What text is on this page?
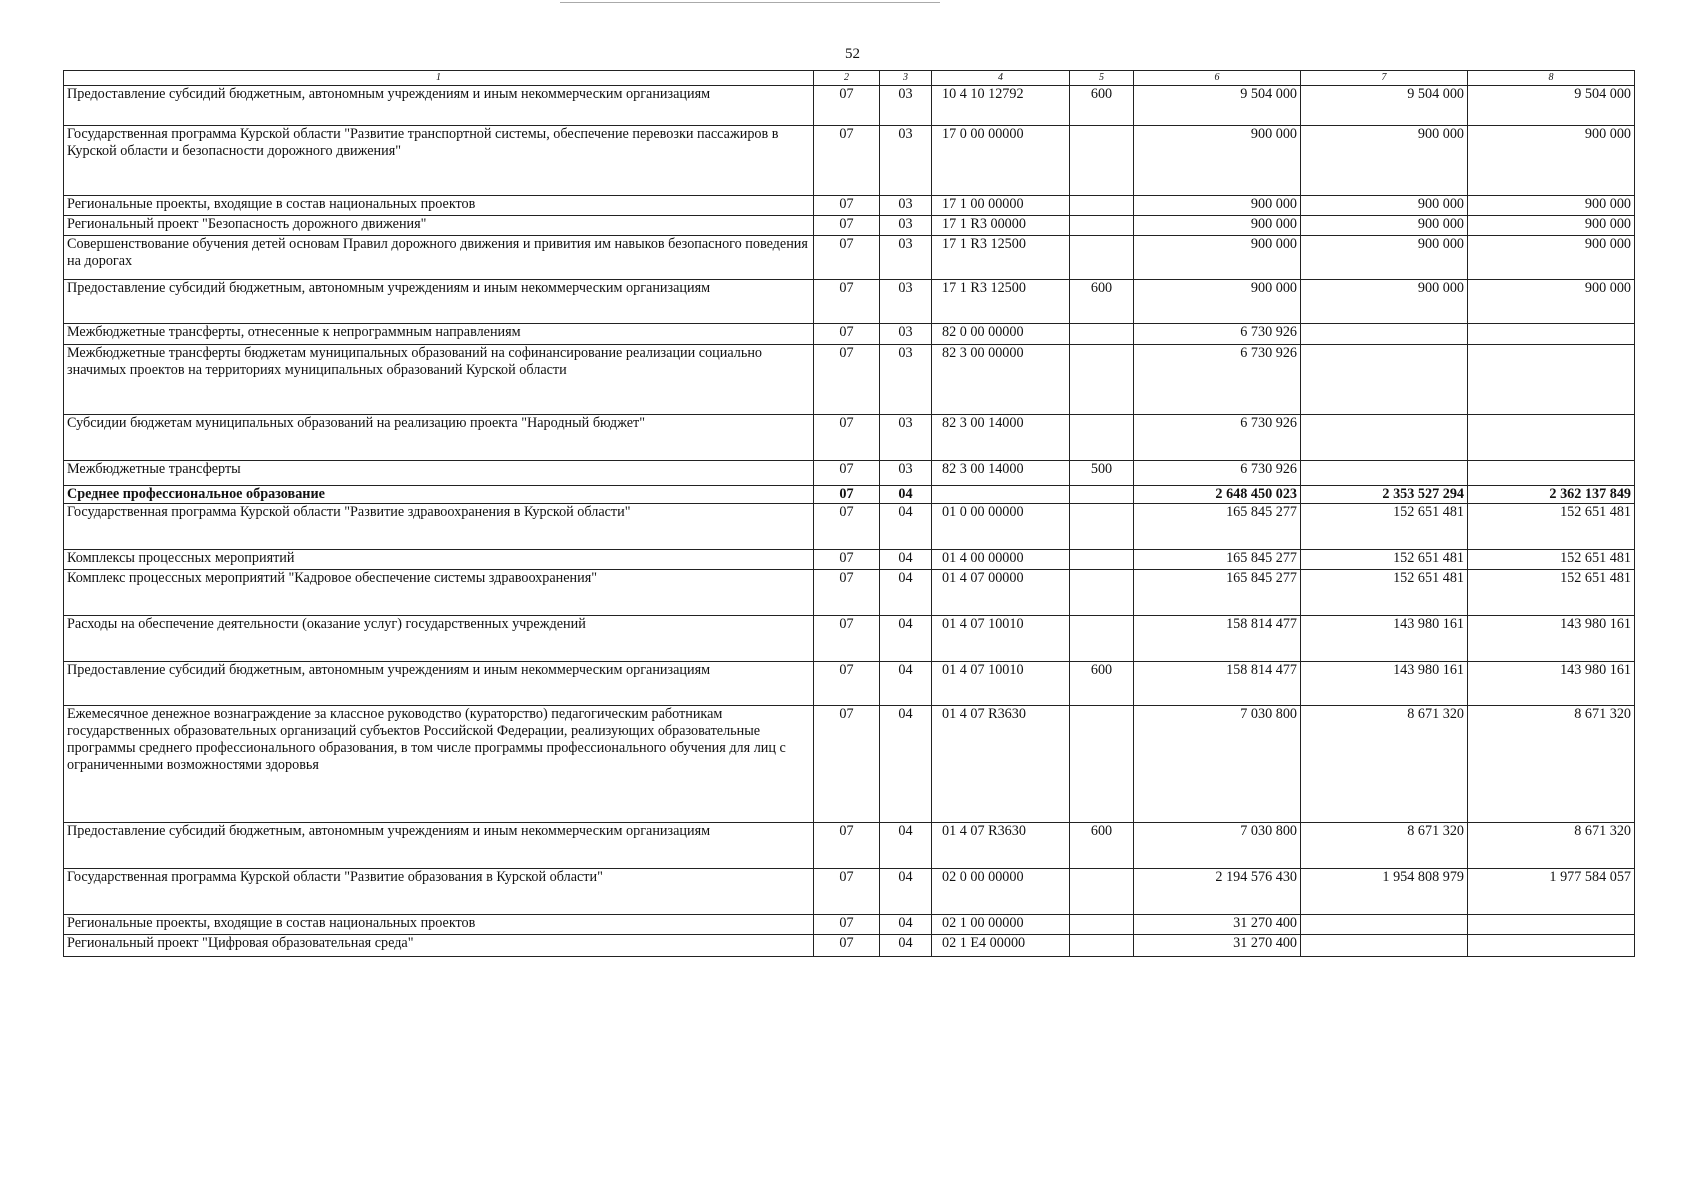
52
1	2	3	4	5	6	7	8
Предоставление субсидий бюджетным, автономным учреждениям и иным некоммерческим организациям	07	03	10 4 10 12792	600	9 504 000	9 504 000	9 504 000
Государственная программа Курской области "Развитие транспортной системы, обеспечение перевозки пассажиров в Курской области и безопасности дорожного движения"	07	03	17 0 00 00000		900 000	900 000	900 000
Региональные проекты, входящие в состав национальных проектов	07	03	17 1 00 00000		900 000	900 000	900 000
Региональный проект "Безопасность дорожного движения"	07	03	17 1 R3 00000		900 000	900 000	900 000
Совершенствование обучения детей основам Правил дорожного движения и привития им навыков безопасного поведения на дорогах	07	03	17 1 R3 12500		900 000	900 000	900 000
Предоставление субсидий бюджетным, автономным учреждениям и иным некоммерческим организациям	07	03	17 1 R3 12500	600	900 000	900 000	900 000
Межбюджетные трансферты, отнесенные к непрограммным направлениям	07	03	82 0 00 00000		6 730 926		
Межбюджетные трансферты бюджетам муниципальных образований на софинансирование реализации социально значимых проектов на территориях муниципальных образований Курской области	07	03	82 3 00 00000		6 730 926		
Субсидии бюджетам муниципальных образований на реализацию проекта "Народный бюджет"	07	03	82 3 00 14000		6 730 926		
Межбюджетные трансферты	07	03	82 3 00 14000	500	6 730 926		
Среднее профессиональное образование	07	04			2 648 450 023	2 353 527 294	2 362 137 849
Государственная программа Курской области "Развитие здравоохранения в Курской области"	07	04	01 0 00 00000		165 845 277	152 651 481	152 651 481
Комплексы процессных мероприятий	07	04	01 4 00 00000		165 845 277	152 651 481	152 651 481
Комплекс процессных мероприятий "Кадровое обеспечение системы здравоохранения"	07	04	01 4 07 00000		165 845 277	152 651 481	152 651 481
Расходы на обеспечение деятельности (оказание услуг) государственных учреждений	07	04	01 4 07 10010		158 814 477	143 980 161	143 980 161
Предоставление субсидий бюджетным, автономным учреждениям и иным некоммерческим организациям	07	04	01 4 07 10010	600	158 814 477	143 980 161	143 980 161
Ежемесячное денежное вознаграждение за классное руководство (кураторство) педагогическим работникам государственных образовательных организаций субъектов Российской Федерации, реализующих образовательные программы среднего профессионального образования, в том числе программы профессионального обучения для лиц с ограниченными возможностями здоровья	07	04	01 4 07 R3630		7 030 800	8 671 320	8 671 320
Предоставление субсидий бюджетным, автономным учреждениям и иным некоммерческим организациям	07	04	01 4 07 R3630	600	7 030 800	8 671 320	8 671 320
Государственная программа Курской области "Развитие образования в Курской области"	07	04	02 0 00 00000		2 194 576 430	1 954 808 979	1 977 584 057
Региональные проекты, входящие в состав национальных проектов	07	04	02 1 00 00000		31 270 400		
Региональный проект "Цифровая образовательная среда"	07	04	02 1 E4 00000		31 270 400		
